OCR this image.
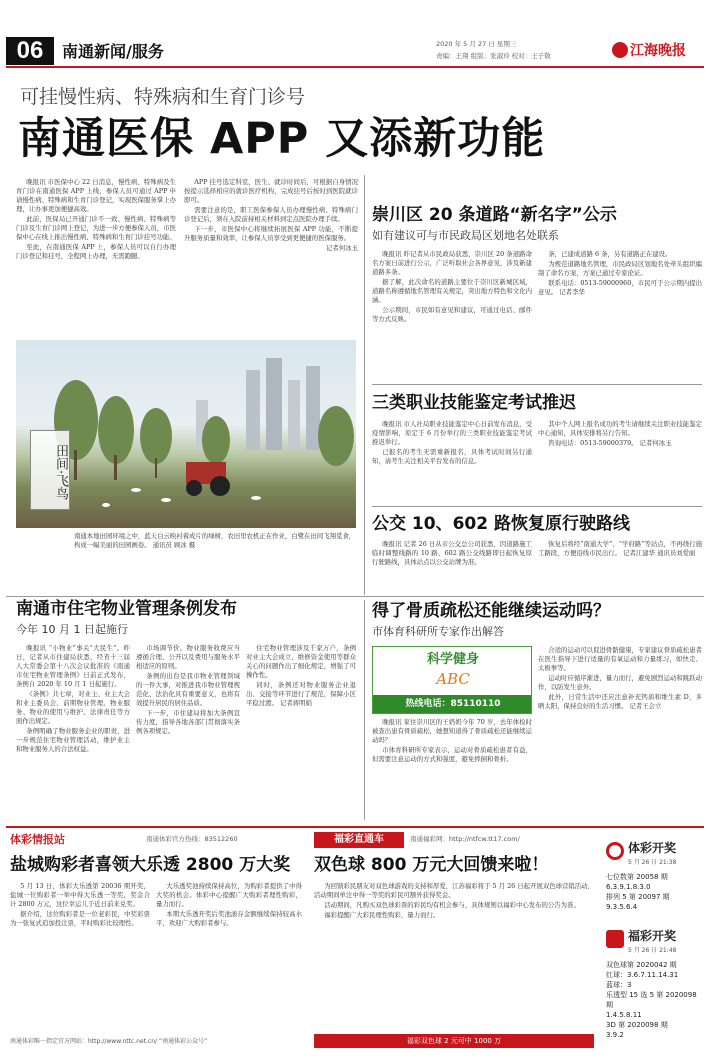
06	南通新闻/服务	2020 年 5 月 27 日 星期三
责编：王翔 组版：张淑玲 校对：王子敬	江海晚报
可挂慢性病、特殊病和生育门诊号
南通医保 APP 又添新功能

晚报讯 市医保中心 22 日消息，慢性病、特殊病及生育门诊在南通医保 APP 上线，参保人员可通过 APP 申请慢性病、特殊病和生育门诊登记，实现医保服务掌上办理，让办事更加便捷高效。

此前，医保局已开通门诊不一致、慢性病、特殊病等门诊及生育门诊网上登记，为进一步方便参保人员，市医保中心在线上推出慢性病、特殊病和生育门诊挂号功能。

至此，在南通医保 APP 上，参保人员可以自行办理门诊登记和挂号，全程网上办理，无需跑腿。

APP 挂号选定科室、医生、就诊时间后，可根据自身情况按提示选择相应的就诊医疗机构，完成挂号后按时到医院就诊即可。

需要注意的是，职工医保参保人员办理慢性病、特殊病门诊登记后，须在入院前持相关材料到定点医院办理手续。

下一步，市医保中心将继续拓展医保 APP 功能，不断提升服务质量和效率，让参保人员享受到更便捷的医保服务。

记者何冰玉

田间·飞鸟
南通本地田园环境之中，蓝天白云映衬着成片的绿树，农田里农机正在作业，白鹭在田间飞翔觅食，构成一幅美丽的田园画卷。 通讯员 顾冰 摄
崇川区 20 条道路“新名字”公示
如有建议可与市民政局区划地名处联系

晚报讯 昨记者从市民政局获悉，崇川区 20 条道路命名方案日前进行公示，广泛听取社会各界意见，涉及新建道路多条。

据了解，此次命名的道路主要位于崇川区新城区域，道路名称遵循地名管理有关规定，突出地方特色和文化内涵。

公示期间，市民如有意见和建议，可通过电话、邮件等方式反映。

条，已建成道路 6 条，另有道路正在建设。

为规范道路地名管理，市民政局区划地名处牵头组织编制了命名方案，方案已通过专家论证。

联系电话：0513-59000960，市民可于公示期内提出意见。 记者李华

三类职业技能鉴定考试推迟

晚报讯 市人社局职业技能鉴定中心日前发布消息，受疫情影响，原定于 6 月份举行的三类职业技能鉴定考试推迟举行。

已报名的考生无需重新报名，具体考试时间另行通知，请考生关注相关平台发布的信息。

其中个人网上报名成功的考生请继续关注职业技能鉴定中心通知，具体安排将另行告知。

咨询电话：0513-59000379。 记者何冰玉

公交 10、602 路恢复原行驶路线

晚报讯 记者 26 日从市公交总公司获悉，因道路施工临时调整线路的 10 路、602 路公交线路即日起恢复原行驶路线，具体站点以公交站牌为准。

恢复后将经“南通大学”、“学府路”等站点，不再绕行施工路段，方便沿线市民出行。 记者江建华 通讯员刘爱丽

南通市住宅物业管理条例发布
今年 10 月 1 日起施行

晚报讯 “小物业”事关“大民生”。昨日，记者从市住建局获悉，经省十三届人大常委会第十八次会议批准的《南通市住宅物业管理条例》日前正式发布，条例自 2020 年 10 月 1 日起施行。

《条例》共七章，对业主、业主大会和业主委员会、前期物业管理、物业服务、物业的使用与维护、法律责任等方面作出规定。

条例明确了物业服务企业的职责，进一步规范住宅物业管理活动，维护业主和物业服务人的合法权益。

市场调节价。物业服务收费应当遵循合理、公开以及费用与服务水平相适应的原则。

条例的出台是我市物业管理领域的一件大事，对推进我市物业管理规范化、法治化具有重要意义，也将有效提升居民的居住品质。

下一步，市住建局将加大条例宣传力度，指导各地各部门贯彻落实条例各项规定。

住宅物业管理涉及千家万户，条例对业主大会成立、维修资金使用等群众关心的问题作出了细化规定，增强了可操作性。

同时，条例还对物业服务企业退出、交接等环节进行了规范，保障小区平稳过渡。 记者蒋明娟

得了骨质疏松还能继续运动吗？
市体育科研所专家作出解答
科学健身
ABC
热线电话：85110110

晚报讯 家住崇川区的王奶奶今年 70 岁，去年体检时被查出患有骨质疏松，她想知道得了骨质疏松还能继续运动吗？

市体育科研所专家表示，运动对骨质疏松患者有益，但需要注意运动的方式和强度，避免摔倒和骨折。

合适的运动可以促进骨骼健康，专家建议骨质疏松患者在医生指导下进行适量的有氧运动和力量练习，如快走、太极拳等。

运动时应循序渐进，量力而行，避免剧烈运动和跳跃动作，以防发生意外。

此外，日常生活中还应注意补充钙质和维生素 D，多晒太阳，保持良好的生活习惯。 记者王会立

体彩情报站	南通体彩官方热线：83512260
盐城购彩者喜领大乐透 2800 万大奖

5 月 13 日，体彩大乐透第 20036 期开奖，盐城一位购彩者一举中得大乐透一等奖，奖金合计 2800 万元，这位幸运儿于近日前来兑奖。

据介绍，这位购彩者是一位老彩民，中奖彩票为一张复式追加投注票，平时购彩比较理性。

大乐透奖池持续保持高位，为购彩者提供了中得大奖的机会。体彩中心提醒广大购彩者理性购彩，量力而行。

本期大乐透开奖后奖池滚存金额继续保持较高水平，欢迎广大购彩者参与。

南通体彩唯一指定官方网站：http://www.nttc.net.cn/ “南通体彩公众号”
福彩直通车	南通福彩网：http://ntfcw.tt17.com/
双色球 800 万元大回馈来啦！

为回馈彩民朋友对双色球游戏的支持和厚爱，江苏福彩将于 5 月 26 日起开展双色球营销活动，活动期间单注中得一等奖的彩民可额外获得奖金。

活动期间，凡购买双色球彩票的彩民均有机会参与，具体规则以福彩中心发布的公告为准。

福彩提醒广大彩民理性购彩，量力而行。

福彩双色球 2 元可中 1000 万
体彩开奖
5 月 26 日 21:38
七位数第 20058 期
6.3.9.1.8.3.0
排列 5 第 20097 期
9.3.5.6.4
福彩开奖
5 月 26 日 21:48
双色球第 2020042 期
红球：3.6.7.11.14.31
蓝球：3
乐透型 15 选 5 第 2020098 期
1.4.5.8.11
3D 第 2020098 期
3.9.2
